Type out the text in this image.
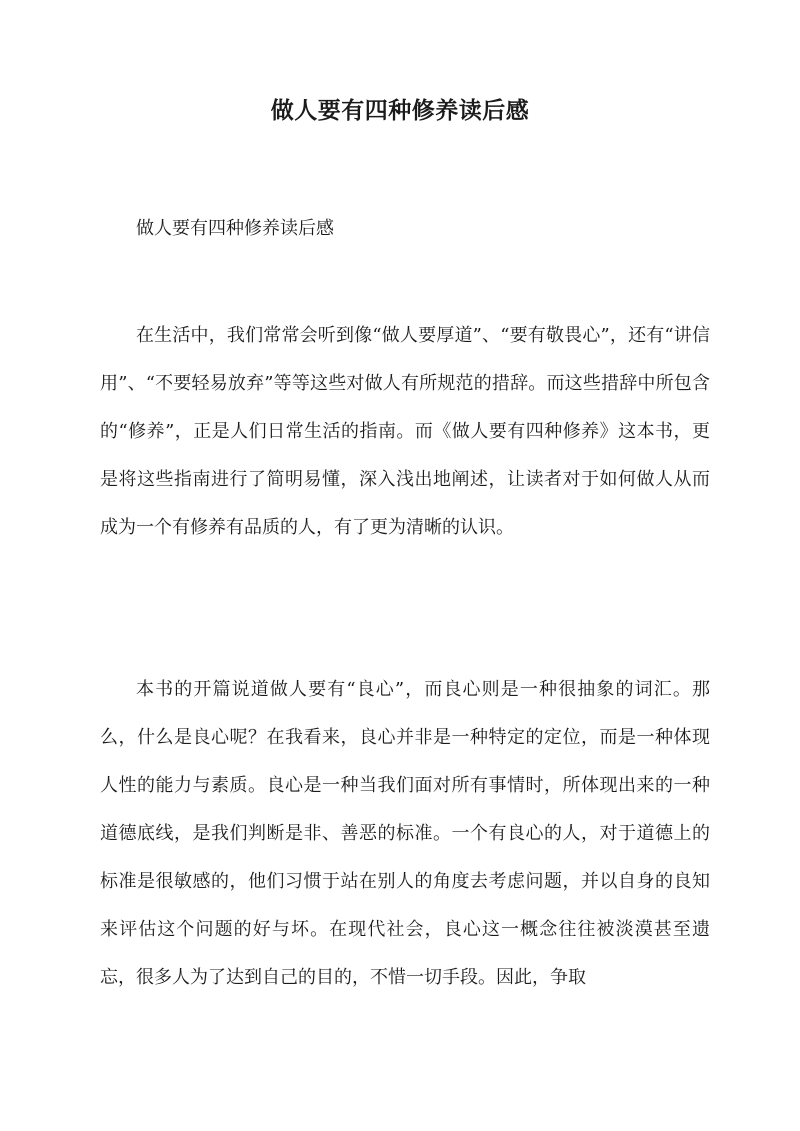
做人要有四种修养读后感

做人要有四种修养读后感

在生活中，我们常常会听到像“做人要厚道”、“要有敬畏心”，还有“讲信用”、“不要轻易放弃”等等这些对做人有所规范的措辞。而这些措辞中所包含的“修养”，正是人们日常生活的指南。而《做人要有四种修养》这本书，更是将这些指南进行了简明易懂，深入浅出地阐述，让读者对于如何做人从而成为一个有修养有品质的人，有了更为清晰的认识。

本书的开篇说道做人要有“良心”，而良心则是一种很抽象的词汇。那么，什么是良心呢？在我看来，良心并非是一种特定的定位，而是一种体现人性的能力与素质。良心是一种当我们面对所有事情时，所体现出来的一种道德底线，是我们判断是非、善恶的标准。一个有良心的人，对于道德上的标准是很敏感的，他们习惯于站在别人的角度去考虑问题，并以自身的良知来评估这个问题的好与坏。在现代社会，良心这一概念往往被淡漠甚至遗忘，很多人为了达到自己的目的，不惜一切手段。因此，争取
